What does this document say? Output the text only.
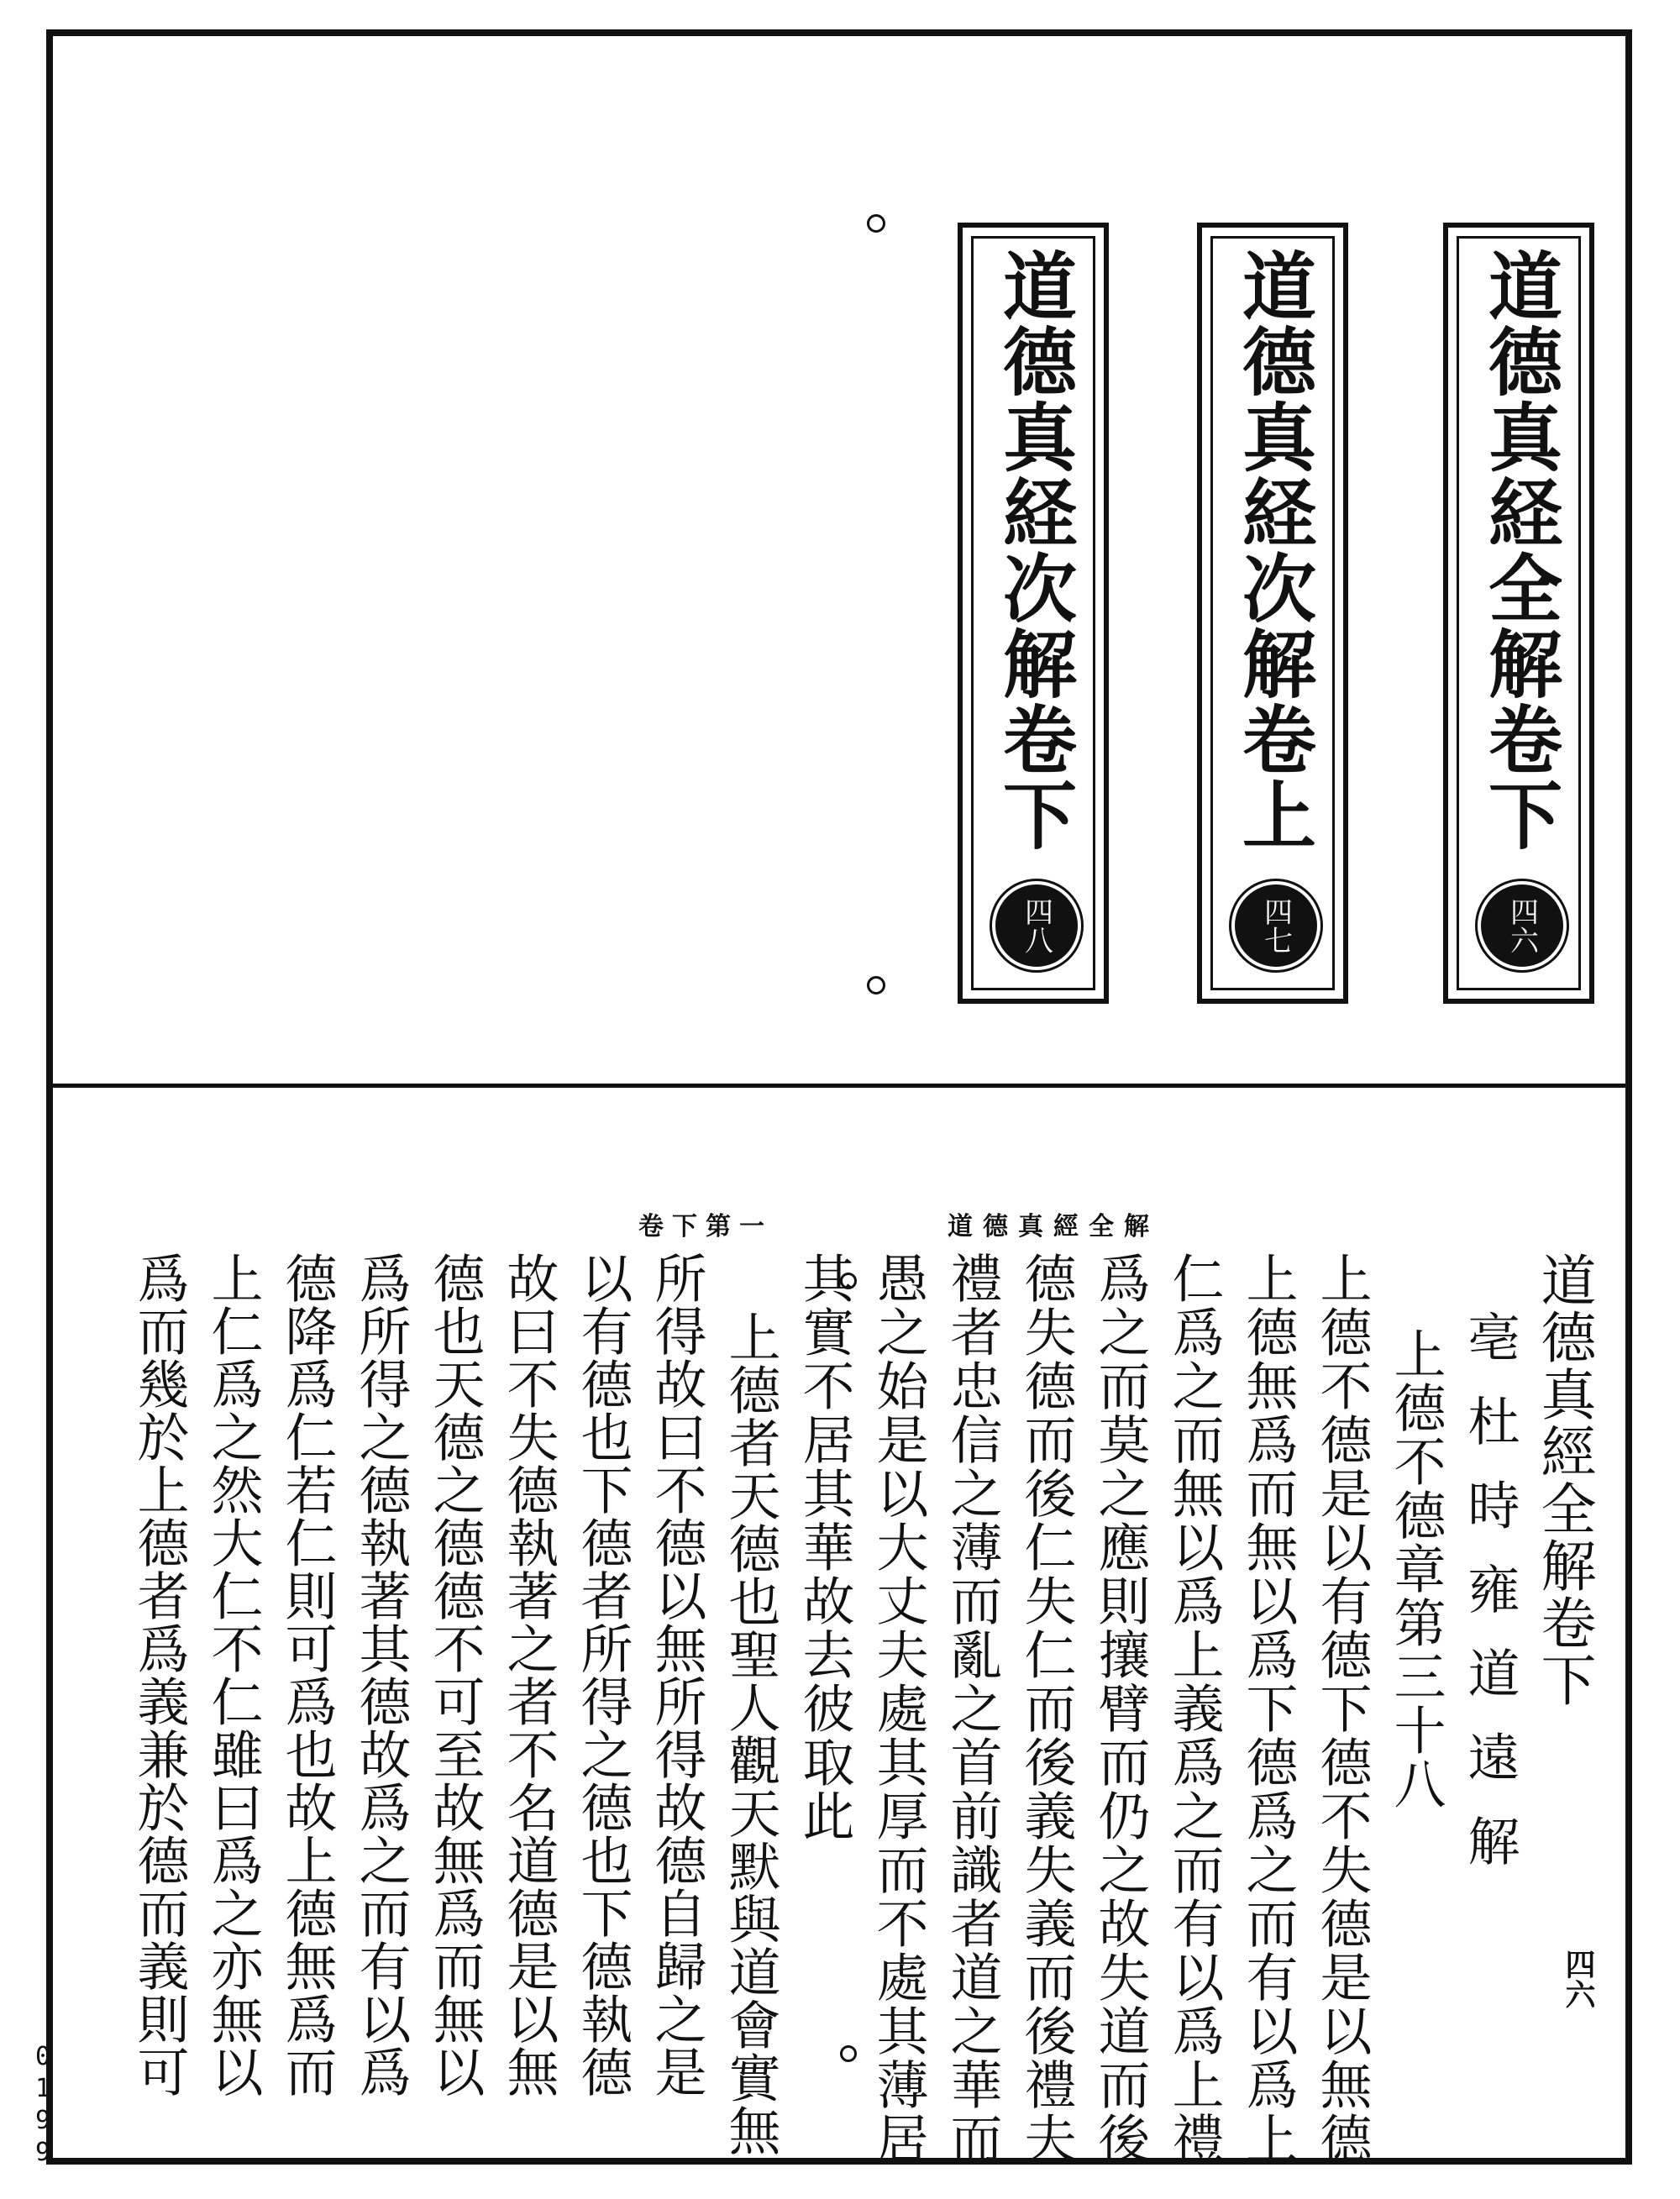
0
1
9
9
道德真経全解卷下
四六
道德真経次解卷上
四七
道德真経次解卷下
四八
卷下第一	道德真經全解

道德真經全解卷下

亳杜時雍道遠解

上德不德章第三十八

上德不德是以有德下德不失德是以無德

上德無爲而無以爲下德爲之而有以爲上

仁爲之而無以爲上義爲之而有以爲上禮

爲之而莫之應則攘臂而仍之故失道而後

德失德而後仁失仁而後義失義而後禮夫

禮者忠信之薄而亂之首前識者道之華而

愚之始是以大丈夫處其厚而不處其薄居

其實不居其華故去彼取此

上德者天德也聖人觀天默與道會實無

所得故曰不德以無所得故德自歸之是

以有德也下德者所得之德也下德執德

故曰不失德執著之者不名道德是以無

德也天德之德德不可至故無爲而無以

爲所得之德執著其德故爲之而有以爲

德降爲仁若仁則可爲也故上德無爲而

上仁爲之然大仁不仁雖曰爲之亦無以

爲而幾於上德者爲義兼於德而義則可	四六
